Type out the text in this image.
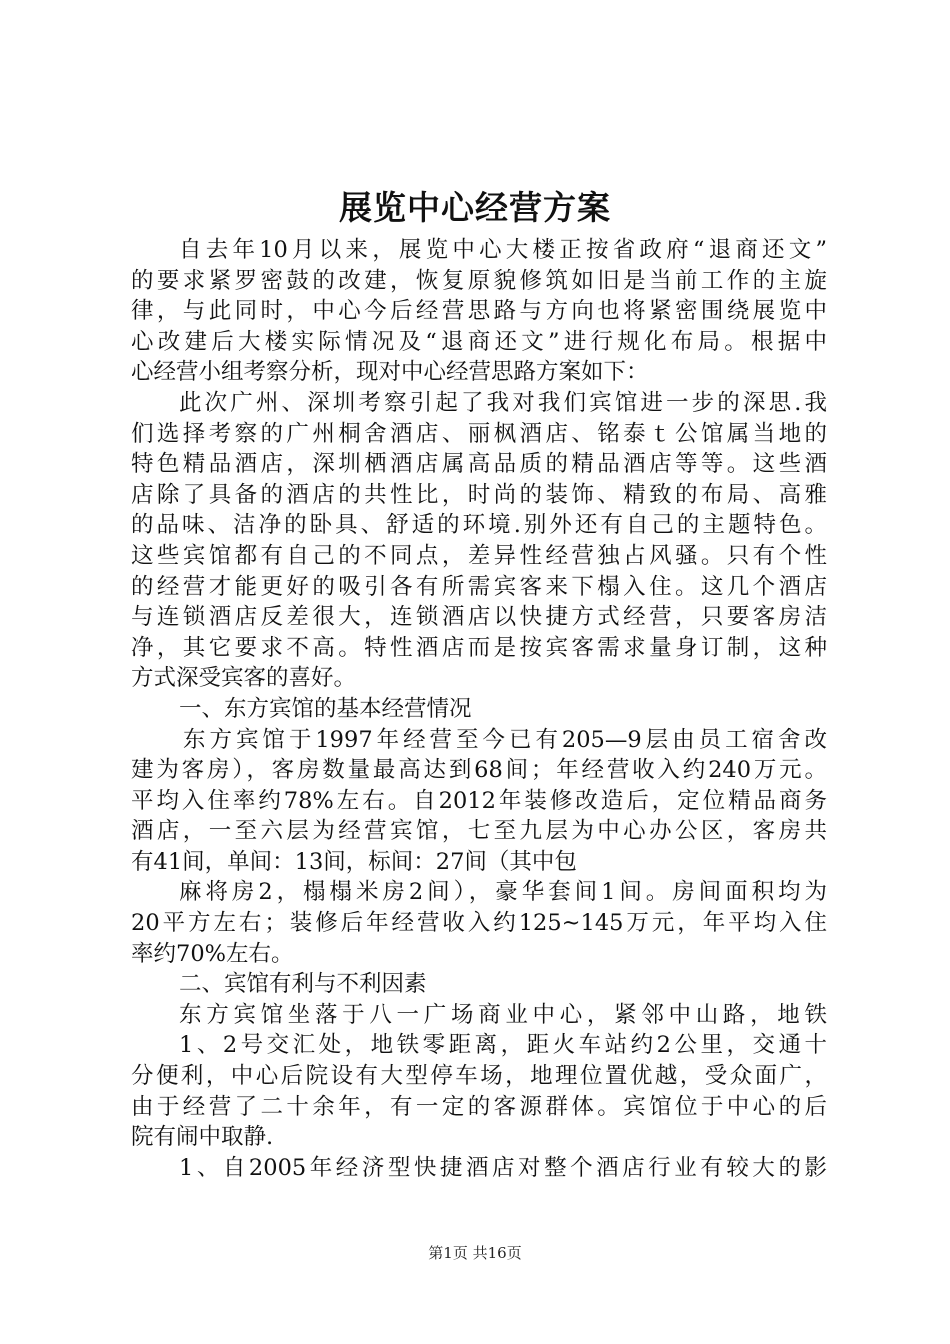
展览中心经营方案
自去年10月以来，展览中心大楼正按省政府“退商还文”
的要求紧罗密鼓的改建，恢复原貌修筑如旧是当前工作的主旋
律，与此同时，中心今后经营思路与方向也将紧密围绕展览中
心改建后大楼实际情况及“退商还文”进行规化布局。根据中
心经营小组考察分析，现对中心经营思路方案如下：
此次广州、深圳考察引起了我对我们宾馆进一步的深思.我
们选择考察的广州桐舍酒店、丽枫酒店、铭泰ｔ公馆属当地的
特色精品酒店，深圳栖酒店属高品质的精品酒店等等。这些酒
店除了具备的酒店的共性比，时尚的装饰、精致的布局、高雅
的品味、洁净的卧具、舒适的环境.别外还有自己的主题特色。
这些宾馆都有自己的不同点，差异性经营独占风骚。只有个性
的经营才能更好的吸引各有所需宾客来下榻入住。这几个酒店
与连锁酒店反差很大，连锁酒店以快捷方式经营，只要客房洁
净，其它要求不高。特性酒店而是按宾客需求量身订制，这种
方式深受宾客的喜好。
一、东方宾馆的基本经营情况
东方宾馆于1997年经营至今已有205—9层由员工宿舍改
建为客房），客房数量最高达到68间；年经营收入约240万元。
平均入住率约78%左右。自2012年装修改造后，定位精品商务
酒店，一至六层为经营宾馆，七至九层为中心办公区，客房共
有41间，单间：13间，标间：27间（其中包
麻将房2，榻榻米房2间），豪华套间1间。房间面积均为
20平方左右；装修后年经营收入约125~145万元，年平均入住
率约70%左右。
二、宾馆有利与不利因素
东方宾馆坐落于八一广场商业中心，紧邻中山路，地铁
1、2号交汇处，地铁零距离，距火车站约2公里，交通十
分便利，中心后院设有大型停车场，地理位置优越，受众面广，
由于经营了二十余年，有一定的客源群体。宾馆位于中心的后
院有闹中取静.
1、自2005年经济型快捷酒店对整个酒店行业有较大的影
第1页 共16页
